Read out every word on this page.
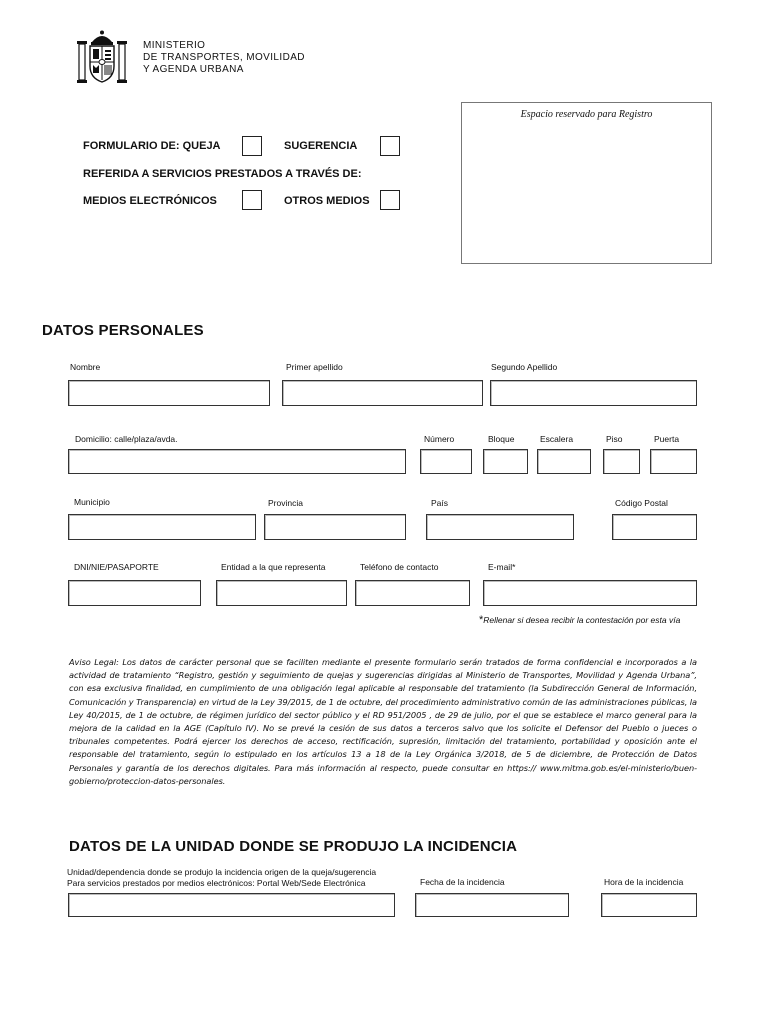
MINISTERIO
DE TRANSPORTES, MOVILIDAD
Y AGENDA URBANA
Espacio reservado para Registro
FORMULARIO DE: QUEJA	SUGERENCIA
REFERIDA A SERVICIOS PRESTADOS A TRAVÉS DE:
MEDIOS ELECTRÓNICOS	OTROS MEDIOS
DATOS PERSONALES
Nombre	Primer apellido	Segundo Apellido
Domicilio: calle/plaza/avda.	Número	Bloque	Escalera	Piso	Puerta
Municipio	Provincia	País	Código Postal
DNI/NIE/PASAPORTE	Entidad a la que representa	Teléfono de contacto	E-mail*
*Rellenar si desea recibir la contestación por esta vía
Aviso Legal: Los datos de carácter personal que se faciliten mediante el presente formulario serán tratados de forma confidencial e incorporados a la actividad de tratamiento “Registro, gestión y seguimiento de quejas y sugerencias dirigidas al Ministerio de Transportes, Movilidad y Agenda Urbana”, con esa exclusiva finalidad, en cumplimiento de una obligación legal aplicable al responsable del tratamiento (la Subdirección General de Información, Comunicación y Transparencia) en virtud de la Ley 39/2015, de 1 de octubre, del procedimiento administrativo común de las administraciones públicas, la Ley 40/2015, de 1 de octubre, de régimen jurídico del sector público y el RD 951/2005 , de 29 de julio, por el que se establece el marco general para la mejora de la calidad en la AGE (Capítulo IV). No se prevé la cesión de sus datos a terceros salvo que los solicite el Defensor del Pueblo o jueces o tribunales competentes. Podrá ejercer los derechos de acceso, rectificación, supresión, limitación del tratamiento, portabilidad y oposición ante el responsable del tratamiento, según lo estipulado en los artículos 13 a 18 de la Ley Orgánica 3/2018, de 5 de diciembre, de Protección de Datos Personales y garantía de los derechos digitales. Para más información al respecto, puede consultar en https:// www.mitma.gob.es/el-ministerio/buen-gobierno/proteccion-datos-personales.
DATOS DE LA UNIDAD DONDE SE PRODUJO LA INCIDENCIA
Unidad/dependencia donde se produjo la incidencia origen de la queja/sugerencia
Para servicios prestados por medios electrónicos: Portal Web/Sede Electrónica	Fecha de la incidencia	Hora de la incidencia
